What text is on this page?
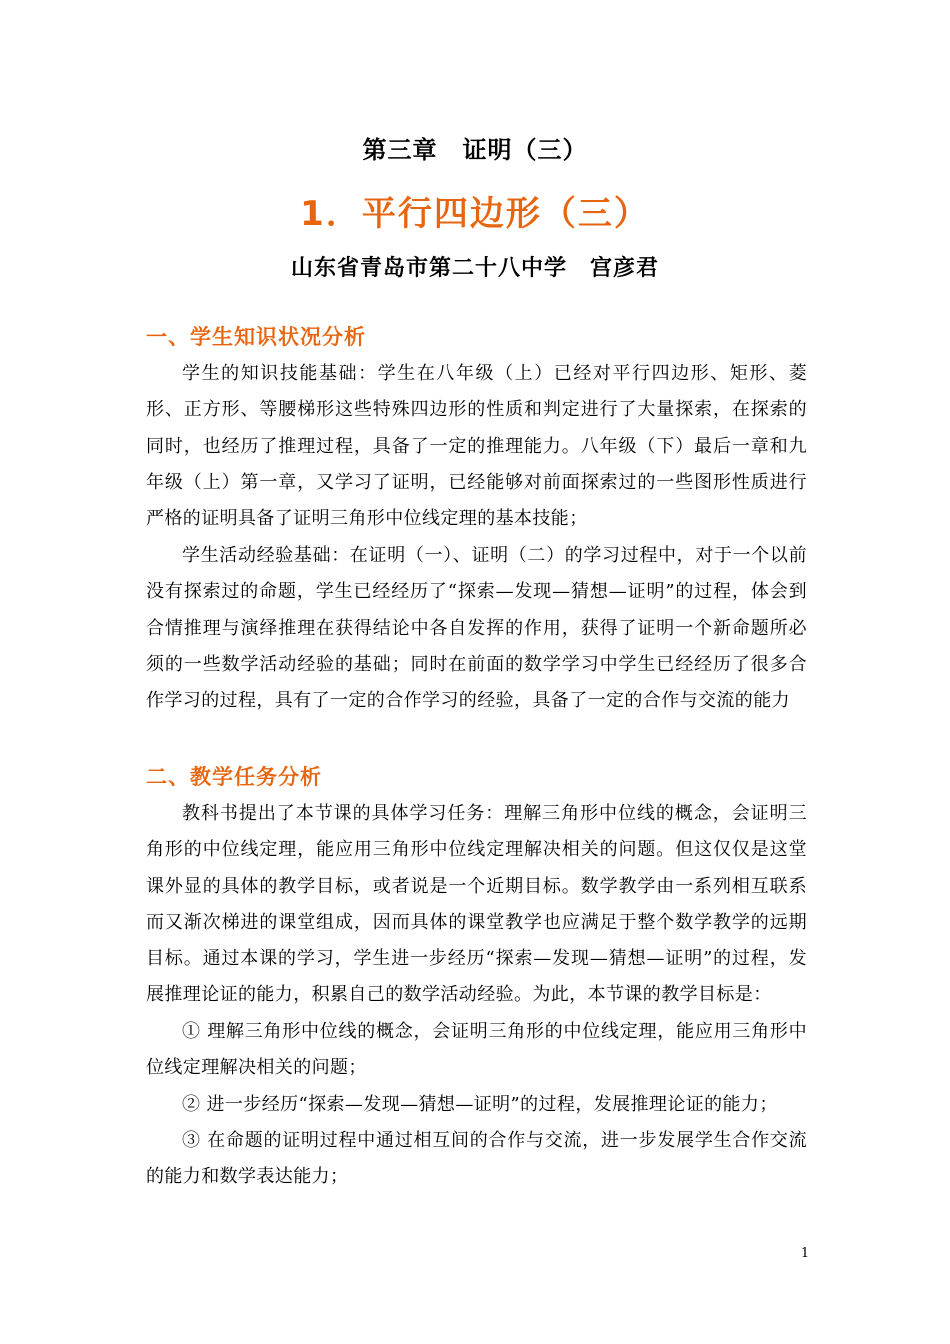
第三章　证明（三）
1．平行四边形（三）
山东省青岛市第二十八中学　宫彦君
一、学生知识状况分析
学生的知识技能基础：学生在八年级（上）已经对平行四边形、矩形、菱形、正方形、等腰梯形这些特殊四边形的性质和判定进行了大量探索，在探索的同时，也经历了推理过程，具备了一定的推理能力。八年级（下）最后一章和九年级（上）第一章，又学习了证明，已经能够对前面探索过的一些图形性质进行严格的证明具备了证明三角形中位线定理的基本技能；
学生活动经验基础：在证明（一）、证明（二）的学习过程中，对于一个以前没有探索过的命题，学生已经经历了“探索—发现—猜想—证明”的过程，体会到合情推理与演绎推理在获得结论中各自发挥的作用，获得了证明一个新命题所必须的一些数学活动经验的基础；同时在前面的数学学习中学生已经经历了很多合作学习的过程，具有了一定的合作学习的经验，具备了一定的合作与交流的能力
二、教学任务分析
教科书提出了本节课的具体学习任务：理解三角形中位线的概念，会证明三角形的中位线定理，能应用三角形中位线定理解决相关的问题。但这仅仅是这堂课外显的具体的教学目标，或者说是一个近期目标。数学教学由一系列相互联系而又渐次梯进的课堂组成，因而具体的课堂教学也应满足于整个数学教学的远期目标。通过本课的学习，学生进一步经历“探索—发现—猜想—证明”的过程，发展推理论证的能力，积累自己的数学活动经验。为此，本节课的教学目标是：
① 理解三角形中位线的概念，会证明三角形的中位线定理，能应用三角形中位线定理解决相关的问题；
② 进一步经历“探索—发现—猜想—证明”的过程，发展推理论证的能力；
③ 在命题的证明过程中通过相互间的合作与交流，进一步发展学生合作交流的能力和数学表达能力；
1
